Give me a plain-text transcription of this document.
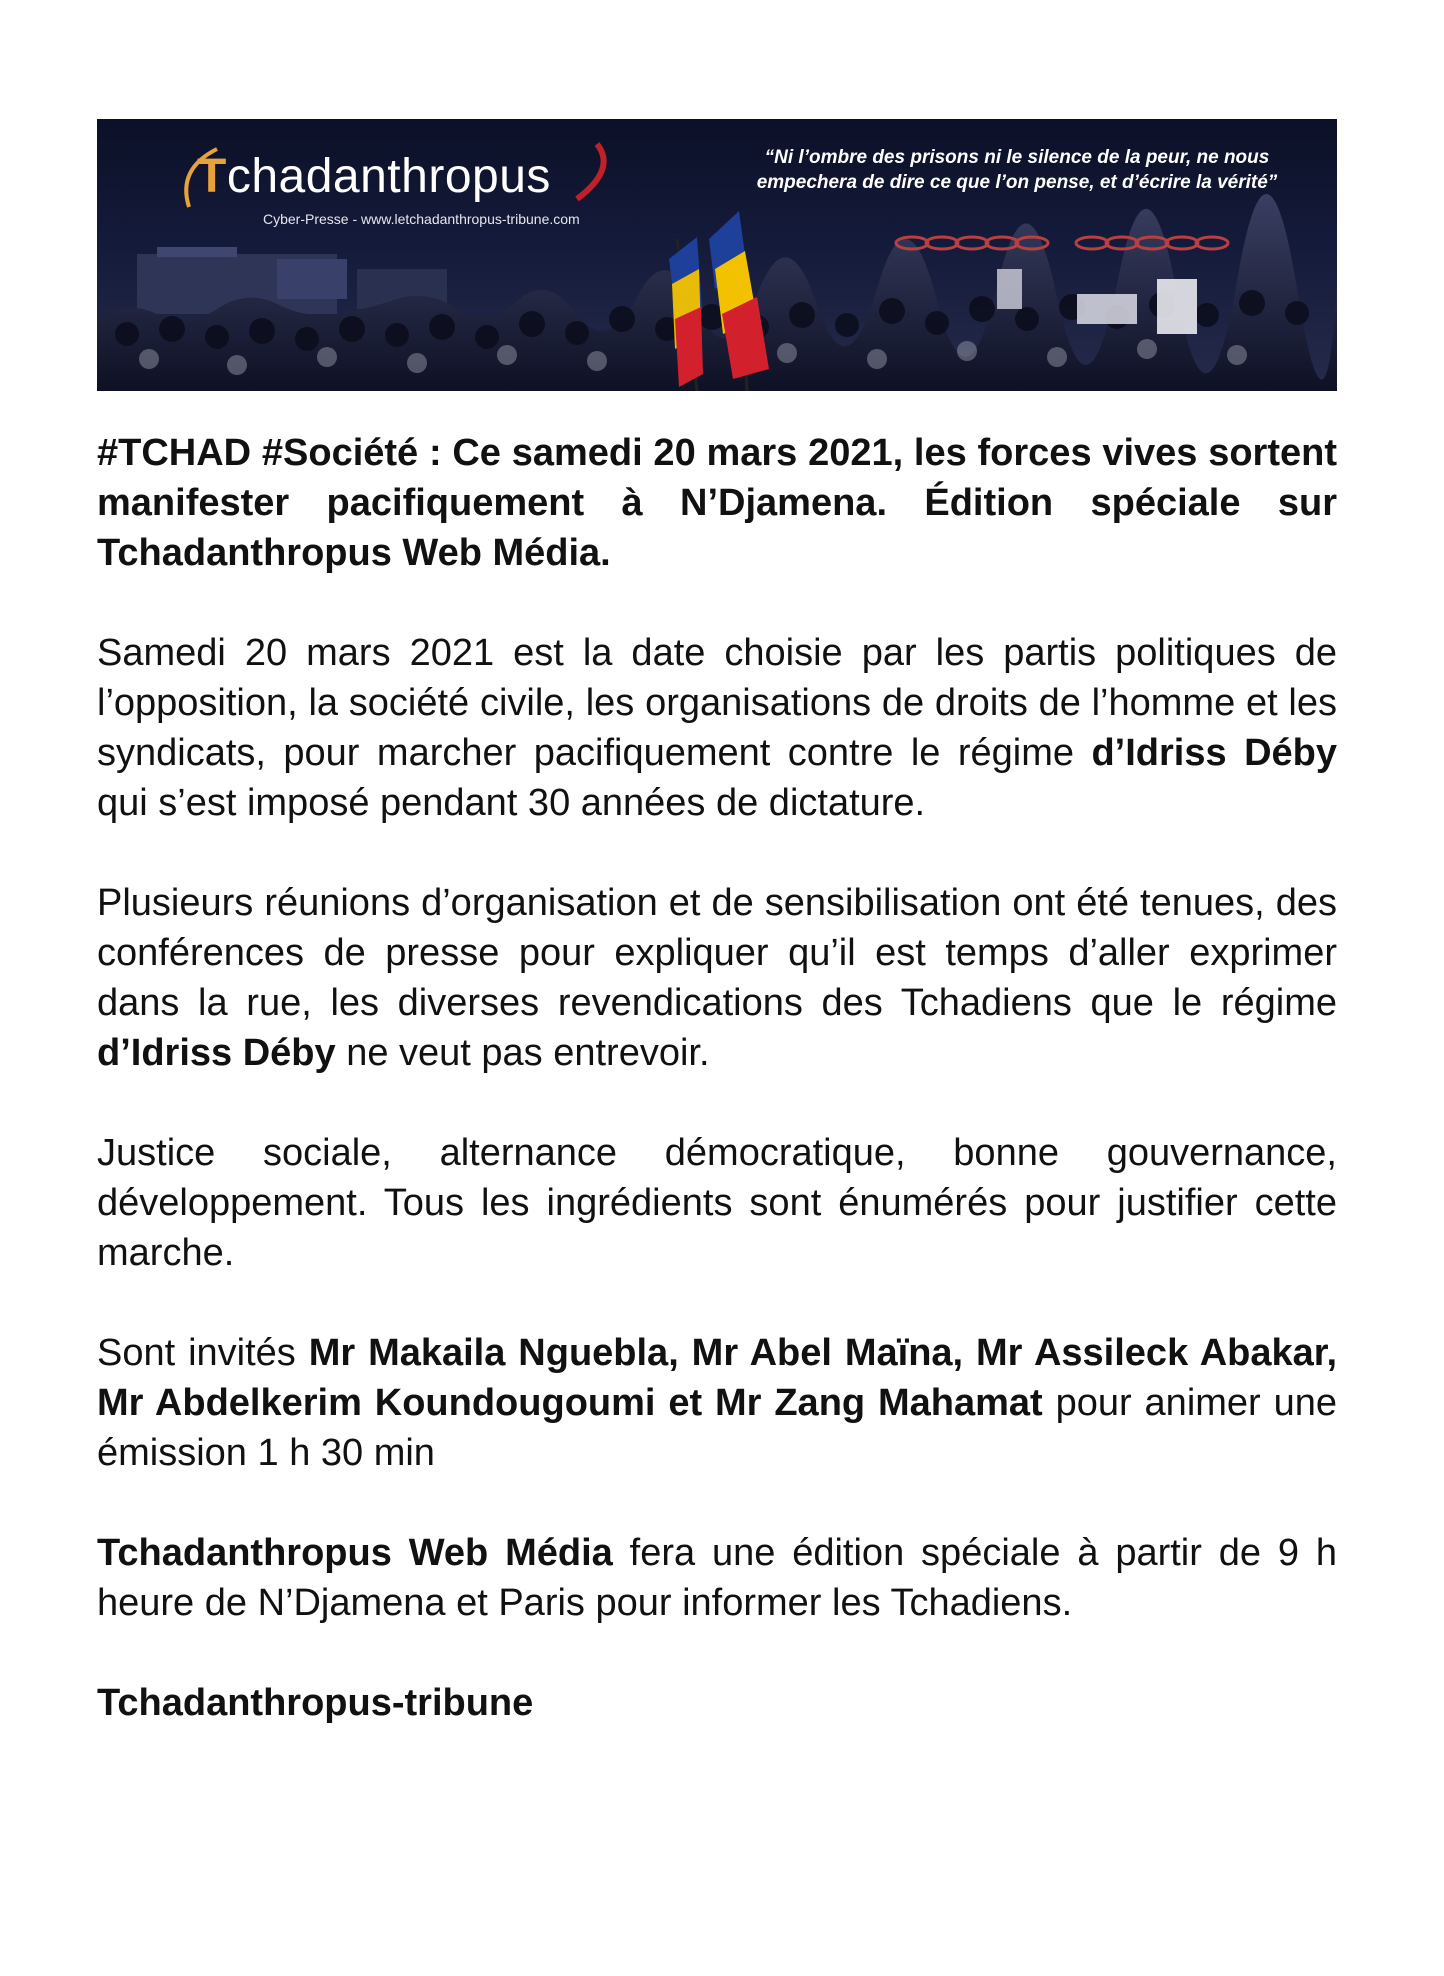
Tchadanthropus
Cyber-Presse - www.letchadanthropus-tribune.com
“Ni l’ombre des prisons ni le silence de la peur, ne nous empechera de dire ce que l’on pense, et d’écrire la vérité”

#TCHAD #Société : Ce samedi 20 mars 2021, les forces vives sortent manifester pacifiquement à N’Djamena. Édition spéciale sur Tchadanthropus Web Média.

Samedi 20 mars 2021 est la date choisie par les partis politiques de l’opposition, la société civile, les organisations de droits de l’homme et les syndicats, pour marcher pacifiquement contre le régime d’Idriss Déby qui s’est imposé pendant 30 années de dictature.

Plusieurs réunions d’organisation et de sensibilisation ont été tenues, des conférences de presse pour expliquer qu’il est temps d’aller exprimer dans la rue, les diverses revendications des Tchadiens que le régime d’Idriss Déby ne veut pas entrevoir.

Justice sociale, alternance démocratique, bonne gouvernance, développement. Tous les ingrédients sont énumérés pour justifier cette marche.

Sont invités Mr Makaila Nguebla, Mr Abel Maïna, Mr Assileck Abakar, Mr Abdelkerim Koundougoumi et Mr Zang Mahamat pour animer une émission 1 h 30 min

Tchadanthropus Web Média fera une édition spéciale à partir de 9 h heure de N’Djamena et Paris pour informer les Tchadiens.

Tchadanthropus-tribune
